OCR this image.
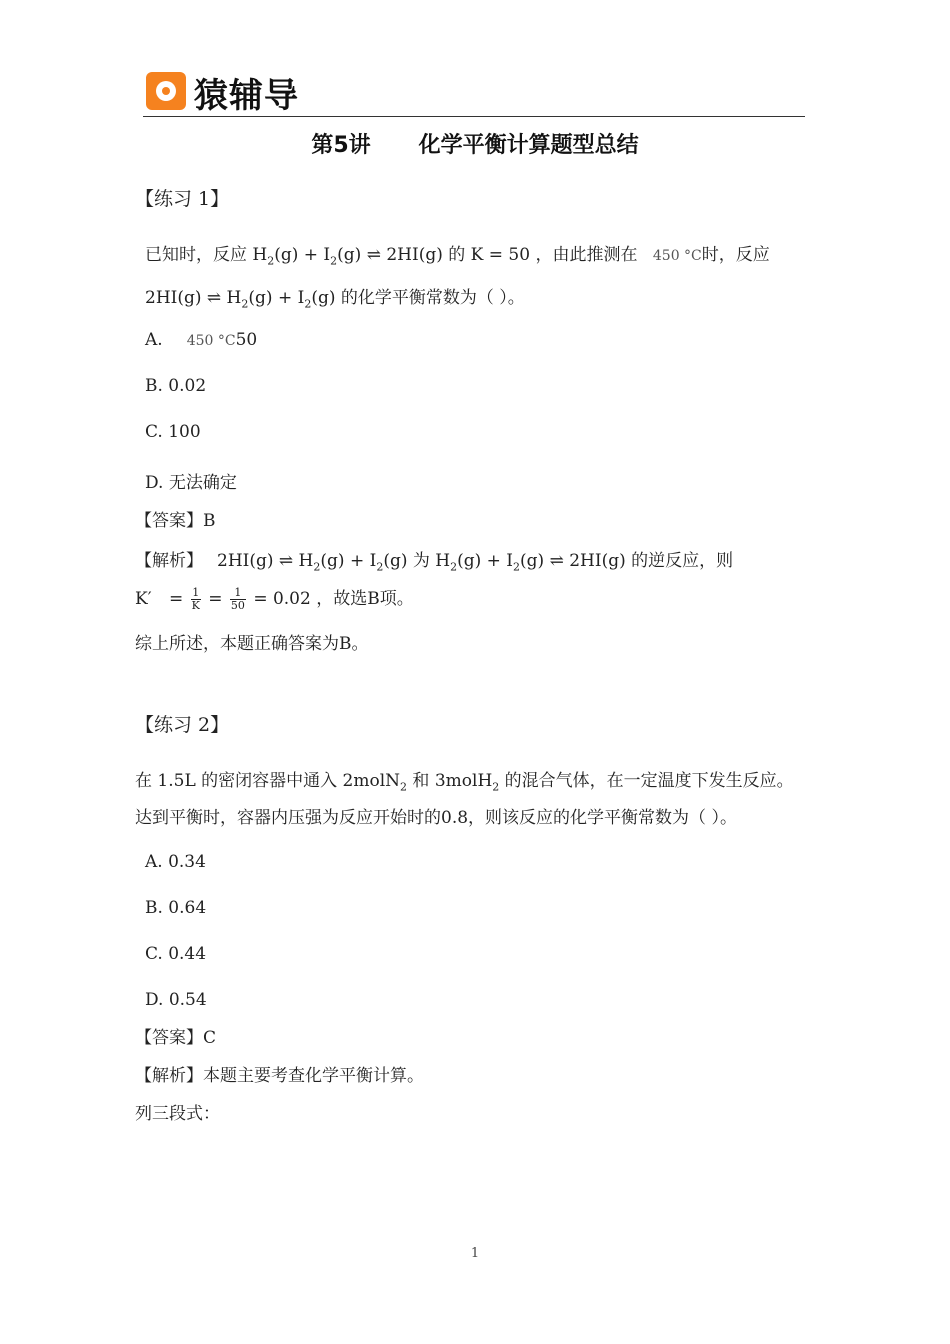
猿辅导
第5讲 化学平衡计算题型总结
【练习 1】
已知时，反应 $H_2(g) + I_2(g)$ ⇌ 2HI(g) 的 K = 50 ，由此推测在 450 °C时，反应
2HI(g) ⇌ $H_2(g) + I_2(g)$ 的化学平衡常数为（ ）。
A. 450 °C50
B. 0.02
C. 100
D. 无法确定
【答案】B
【解析】 2HI(g) ⇌ $H_2(g) + I_2(g)$ 为 $H_2(g) + I_2(g)$ ⇌ 2HI(g) 的逆反应，则
$K' = \frac{1}{K} = \frac{1}{50} = 0.02$ ，故选B项。
综上所述，本题正确答案为B。
【练习 2】
在 1.5L 的密闭容器中通入 2molN$_2$ 和 3molH$_2$ 的混合气体，在一定温度下发生反应。
达到平衡时，容器内压强为反应开始时的0.8，则该反应的化学平衡常数为（ ）。
A. 0.34
B. 0.64
C. 0.44
D. 0.54
【答案】C
【解析】本题主要考查化学平衡计算。
列三段式：
1
